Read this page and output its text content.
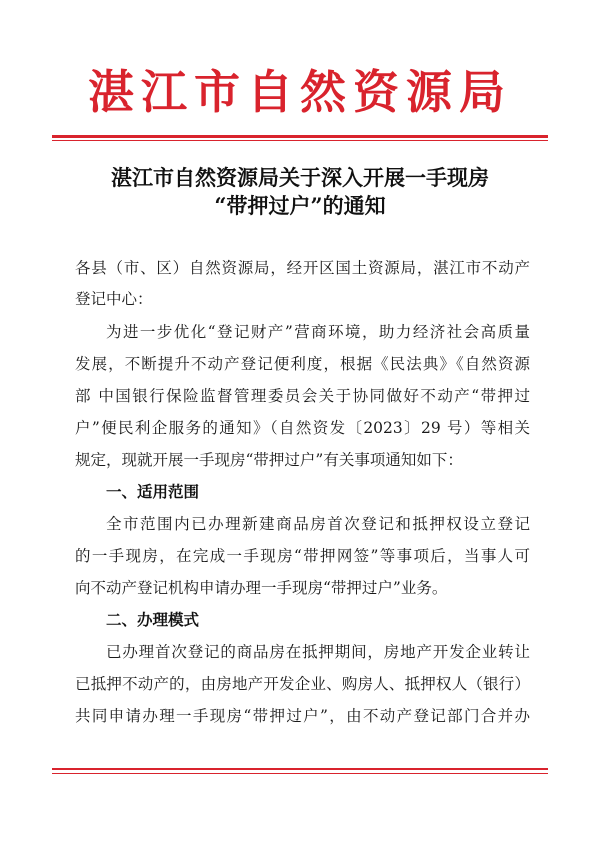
湛江市自然资源局
湛江市自然资源局关于深入开展一手现房
“带押过户”的通知
各县（市、区）自然资源局，经开区国土资源局，湛江市不动产
登记中心：
为进一步优化“登记财产”营商环境，助力经济社会高质量
发展，不断提升不动产登记便利度，根据《民法典》《自然资源
部 中国银行保险监督管理委员会关于协同做好不动产“带押过
户”便民利企服务的通知》（自然资发〔2023〕29 号）等相关
规定，现就开展一手现房“带押过户”有关事项通知如下：
一、适用范围
全市范围内已办理新建商品房首次登记和抵押权设立登记
的一手现房，在完成一手现房“带押网签”等事项后，当事人可
向不动产登记机构申请办理一手现房“带押过户”业务。
二、办理模式
已办理首次登记的商品房在抵押期间，房地产开发企业转让
已抵押不动产的，由房地产开发企业、购房人、抵押权人（银行）
共同申请办理一手现房“带押过户”，由不动产登记部门合并办
